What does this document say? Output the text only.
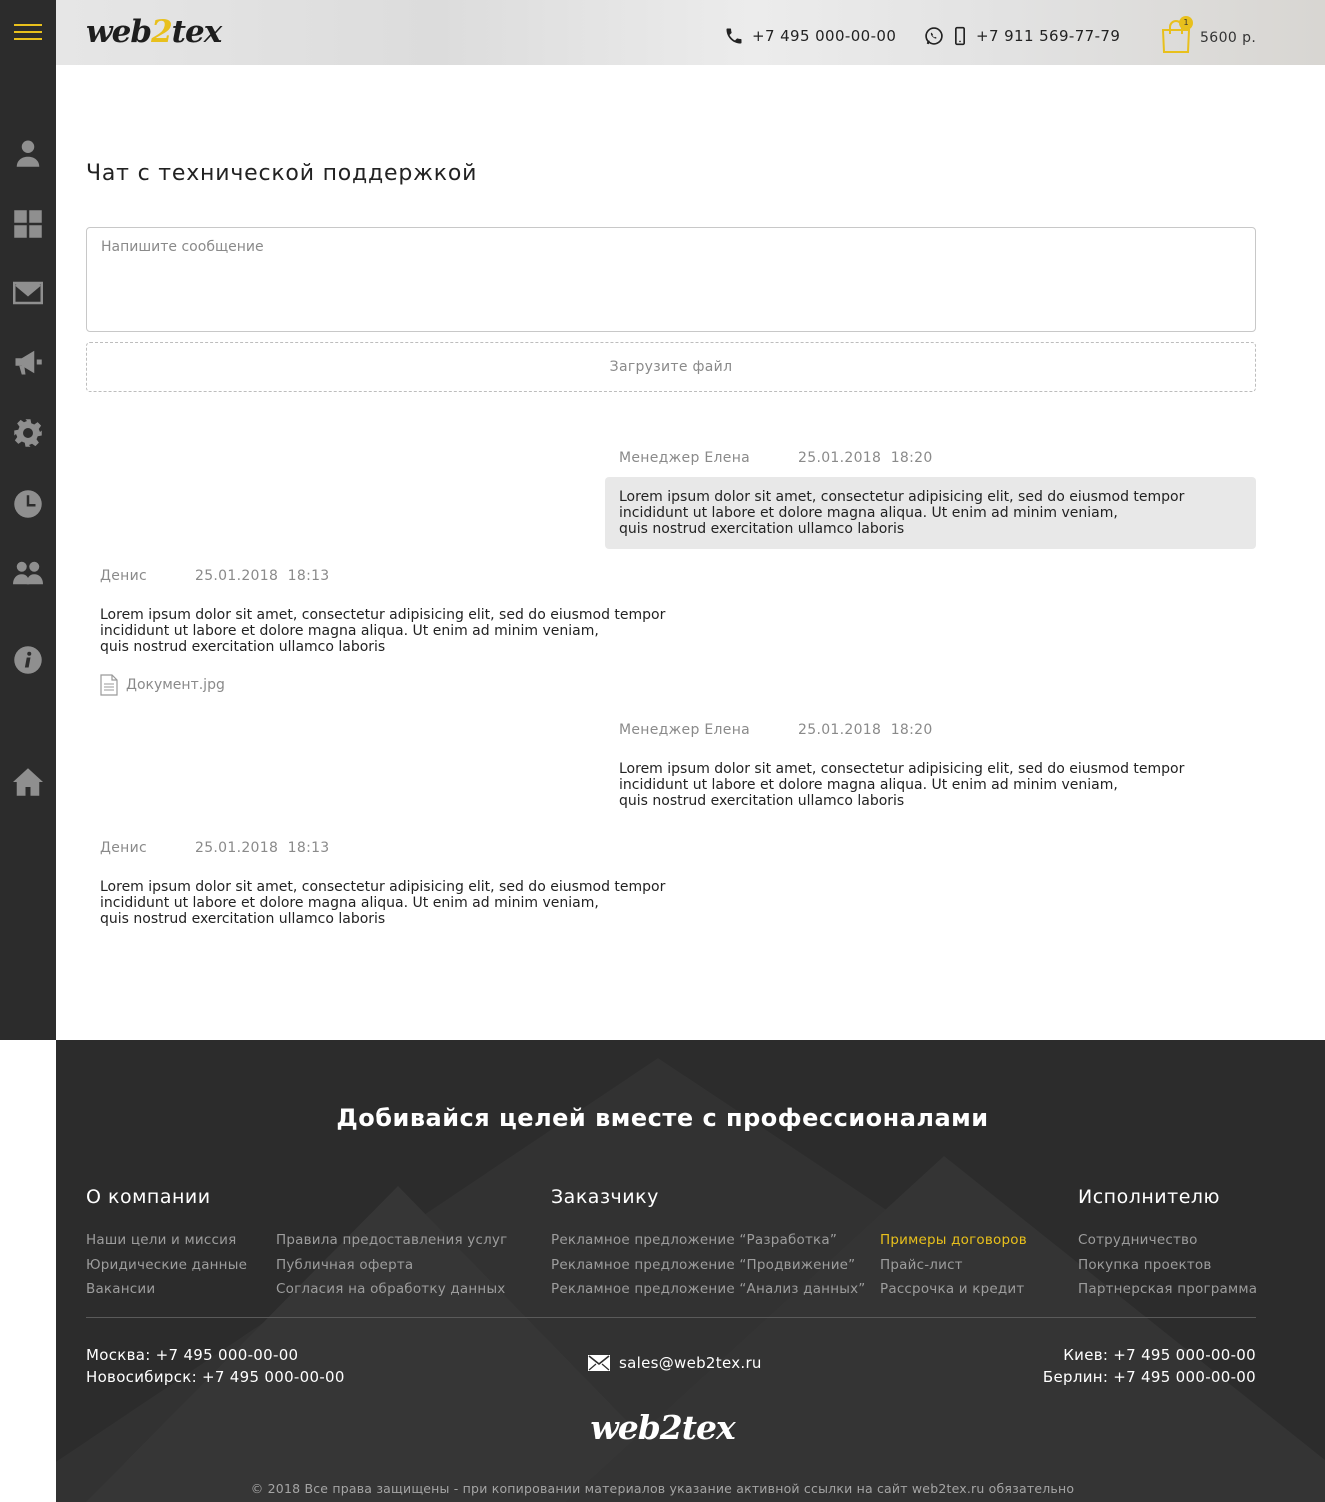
web2tex	+7 495 000-00-00	+7 911 569-77-79
1
5600 р.
Чат с технической поддержкой
Напишите сообщение
Загрузите файл
Менеджер Елена	25.01.2018  18:20
Lorem ipsum dolor sit amet, consectetur adipisicing elit, sed do eiusmod tempor
incididunt ut labore et dolore magna aliqua. Ut enim ad minim veniam,
quis nostrud exercitation ullamco laboris
Денис	25.01.2018  18:13
Lorem ipsum dolor sit amet, consectetur adipisicing elit, sed do eiusmod tempor
incididunt ut labore et dolore magna aliqua. Ut enim ad minim veniam,
quis nostrud exercitation ullamco laboris
Документ.jpg
Менеджер Елена	25.01.2018  18:20
Lorem ipsum dolor sit amet, consectetur adipisicing elit, sed do eiusmod tempor
incididunt ut labore et dolore magna aliqua. Ut enim ad minim veniam,
quis nostrud exercitation ullamco laboris
Денис	25.01.2018  18:13
Lorem ipsum dolor sit amet, consectetur adipisicing elit, sed do eiusmod tempor
incididunt ut labore et dolore magna aliqua. Ut enim ad minim veniam,
quis nostrud exercitation ullamco laboris
Добивайся целей вместе с профессионалами
О компании
Наши цели и миссия
Юридические данные
Вакансии
Правила предоставления услуг
Публичная оферта
Согласия на обработку данных
Заказчику
Рекламное предложение “Разработка”
Рекламное предложение “Продвижение”
Рекламное предложение “Анализ данных”
Примеры договоров
Прайс-лист
Рассрочка и кредит
Исполнителю
Сотрудничество
Покупка проектов
Партнерская программа
Москва: +7 495 000-00-00
Новосибирск: +7 495 000-00-00
sales@web2tex.ru	Киев: +7 495 000-00-00
Берлин: +7 495 000-00-00
web2tex
© 2018 Все права защищены - при копировании материалов указание активной ссылки на сайт web2tex.ru обязательно
